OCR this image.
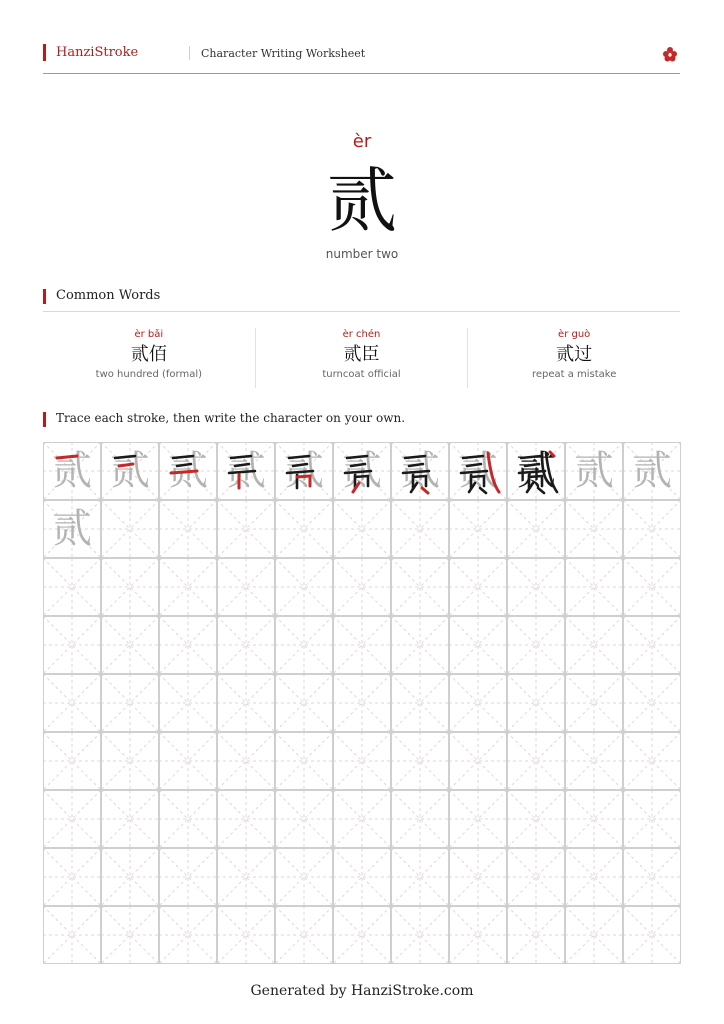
HanziStroke	Character Writing Worksheet
èr
贰
number two
Common Words
èr bǎi
贰佰
two hundred (formal)
èr chén
贰臣
turncoat official
èr guò
贰过
repeat a mistake
Trace each stroke, then write the character on your own.
贰 贰 贰 贰 贰 贰 贰 贰 贰 贰 贰
贰
Generated by HanziStroke.com
